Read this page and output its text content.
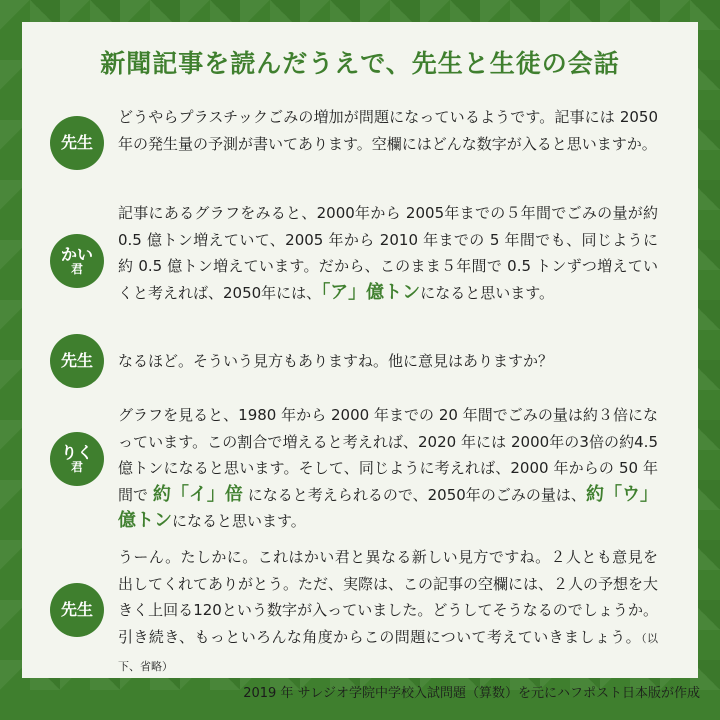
新聞記事を読んだうえで、先生と生徒の会話
先生
どうやらプラスチックごみの増加が問題になっているようです。記事には 2050 年の発生量の予測が書いてあります。空欄にはどんな数字が入ると思いますか。
かい
君
記事にあるグラフをみると、2000年から 2005年までの５年間でごみの量が約 0.5 億トン増えていて、2005 年から 2010 年までの 5 年間でも、同じように約 0.5 億トン増えています。だから、このまま５年間で 0.5 トンずつ増えていくと考えれば、2050年には、「ア」億トンになると思います。
先生 なるほど。そういう見方もありますね。他に意見はありますか？
りく
君
グラフを見ると、1980 年から 2000 年までの 20 年間でごみの量は約３倍になっています。この割合で増えると考えれば、2020 年には 2000年の3倍の約4.5億トンになると思います。そして、同じように考えれば、2000 年からの 50 年間で 約「イ」倍 になると考えられるので、2050年のごみの量は、約「ウ」億トンになると思います。
先生
うーん。たしかに。これはかい君と異なる新しい見方ですね。２人とも意見を出してくれてありがとう。ただ、実際は、この記事の空欄には、２人の予想を大きく上回る120という数字が入っていました。どうしてそうなるのでしょうか。引き続き、もっといろんな角度からこの問題について考えていきましょう。（以下、省略）
2019 年 サレジオ学院中学校入試問題（算数）を元にハフポスト日本版が作成
